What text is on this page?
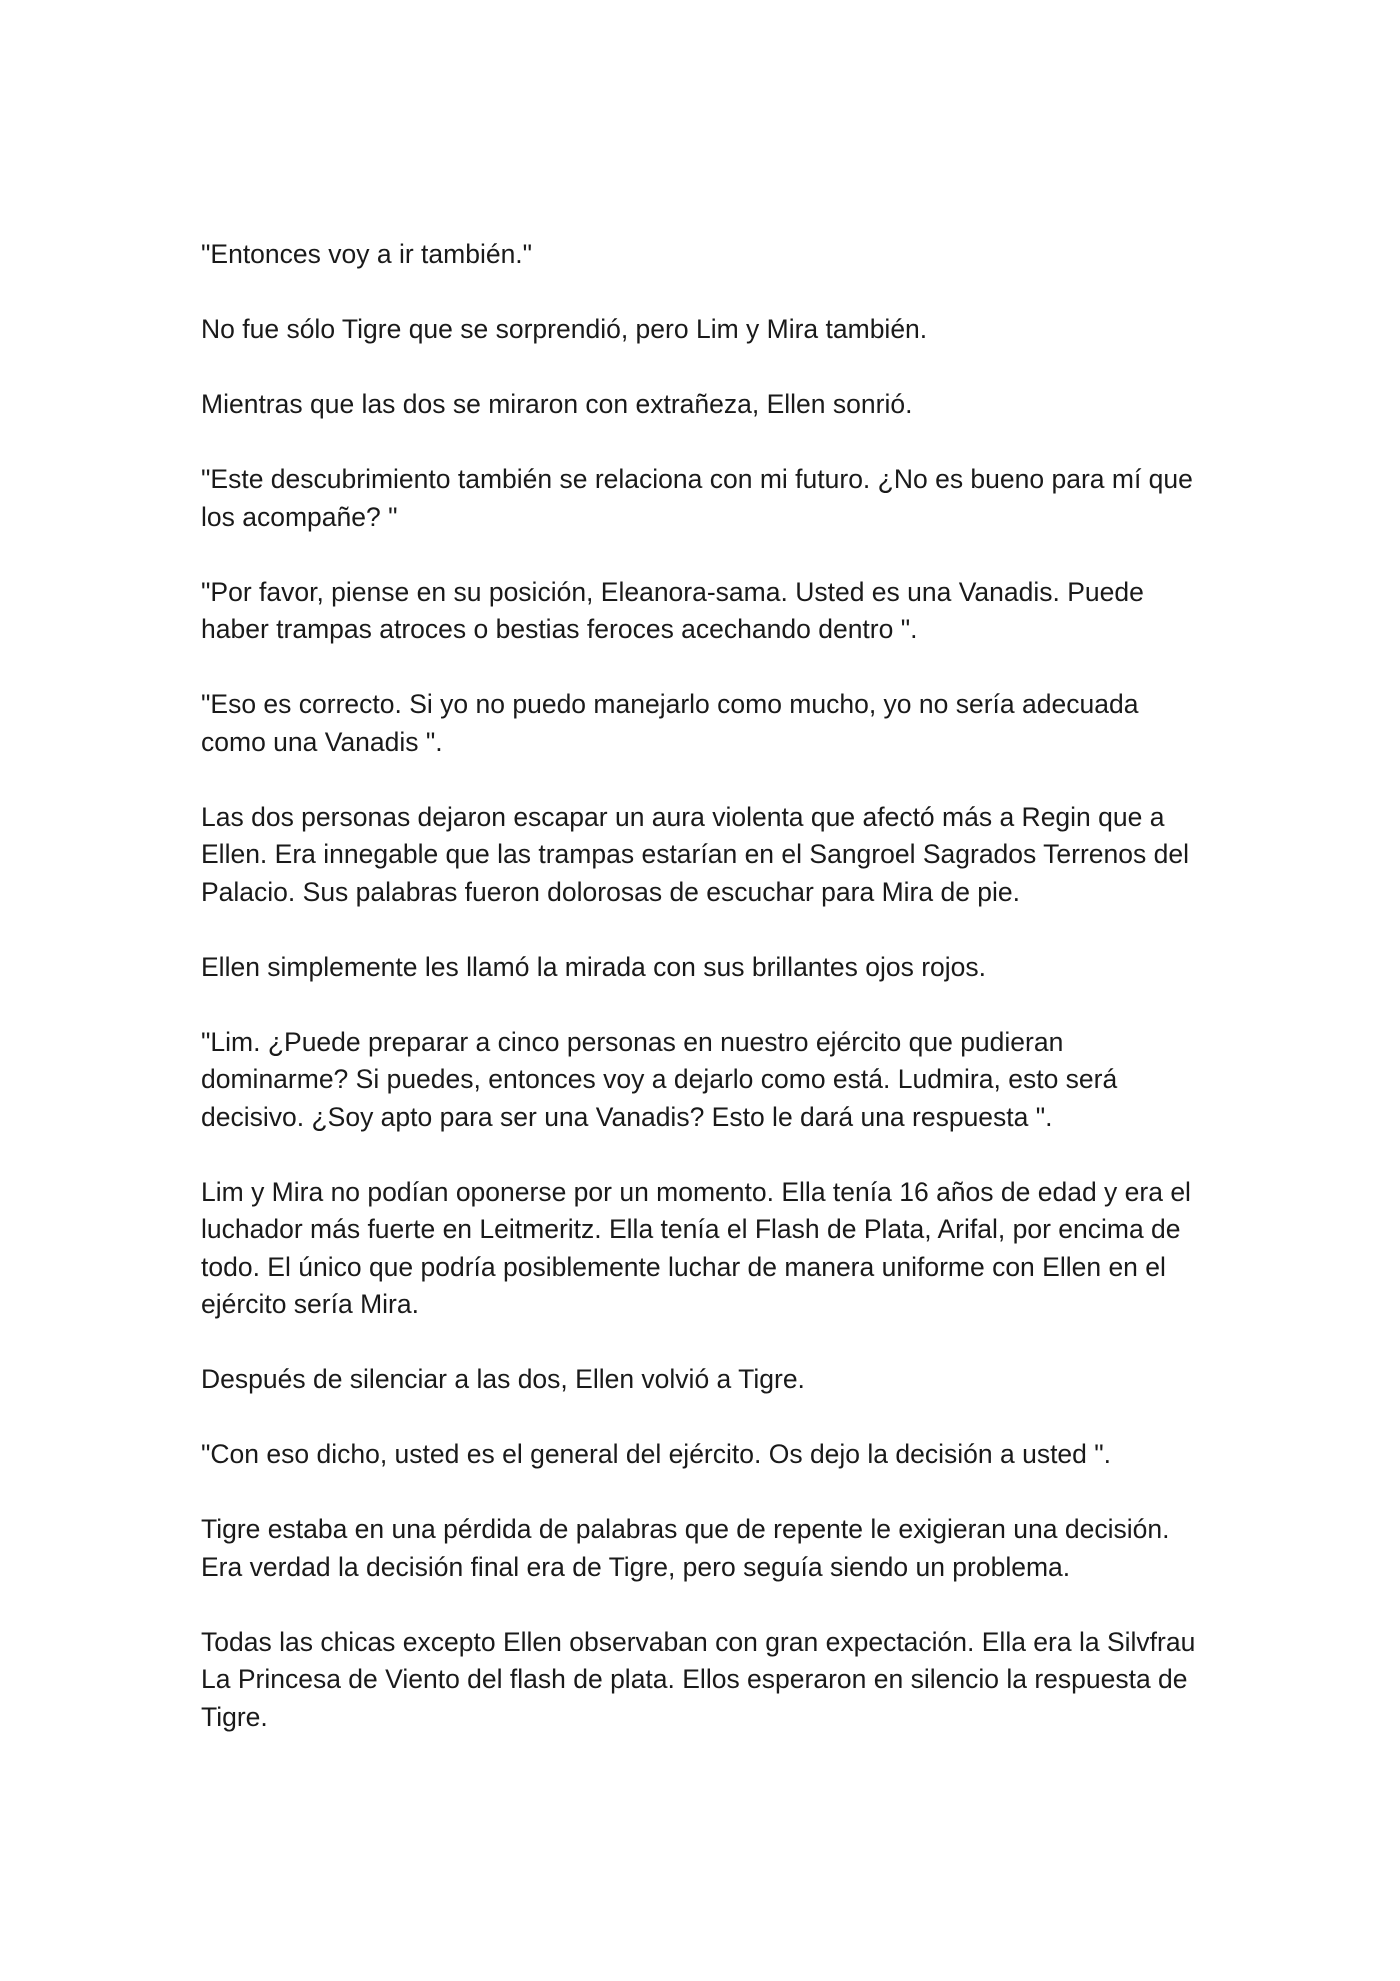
"Entonces voy a ir también."

No fue sólo Tigre que se sorprendió, pero Lim y Mira también.

Mientras que las dos se miraron con extrañeza, Ellen sonrió.

"Este descubrimiento también se relaciona con mi futuro. ¿No es bueno para mí que los acompañe? "

"Por favor, piense en su posición, Eleanora-sama. Usted es una Vanadis. Puede haber trampas atroces o bestias feroces acechando dentro ".

"Eso es correcto. Si yo no puedo manejarlo como mucho, yo no sería adecuada como una Vanadis ".

Las dos personas dejaron escapar un aura violenta que afectó más a Regin que a Ellen. Era innegable que las trampas estarían en el Sangroel Sagrados Terrenos del Palacio. Sus palabras fueron dolorosas de escuchar para Mira de pie.

Ellen simplemente les llamó la mirada con sus brillantes ojos rojos.

"Lim. ¿Puede preparar a cinco personas en nuestro ejército que pudieran dominarme? Si puedes, entonces voy a dejarlo como está. Ludmira, esto será decisivo. ¿Soy apto para ser una Vanadis? Esto le dará una respuesta ".

Lim y Mira no podían oponerse por un momento. Ella tenía 16 años de edad y era el luchador más fuerte en Leitmeritz. Ella tenía el Flash de Plata, Arifal, por encima de todo. El único que podría posiblemente luchar de manera uniforme con Ellen en el ejército sería Mira.

Después de silenciar a las dos, Ellen volvió a Tigre.

"Con eso dicho, usted es el general del ejército. Os dejo la decisión a usted ".

Tigre estaba en una pérdida de palabras que de repente le exigieran una decisión. Era verdad la decisión final era de Tigre, pero seguía siendo un problema.

Todas las chicas excepto Ellen observaban con gran expectación. Ella era la Silvfrau La Princesa de Viento del flash de plata. Ellos esperaron en silencio la respuesta de Tigre.
